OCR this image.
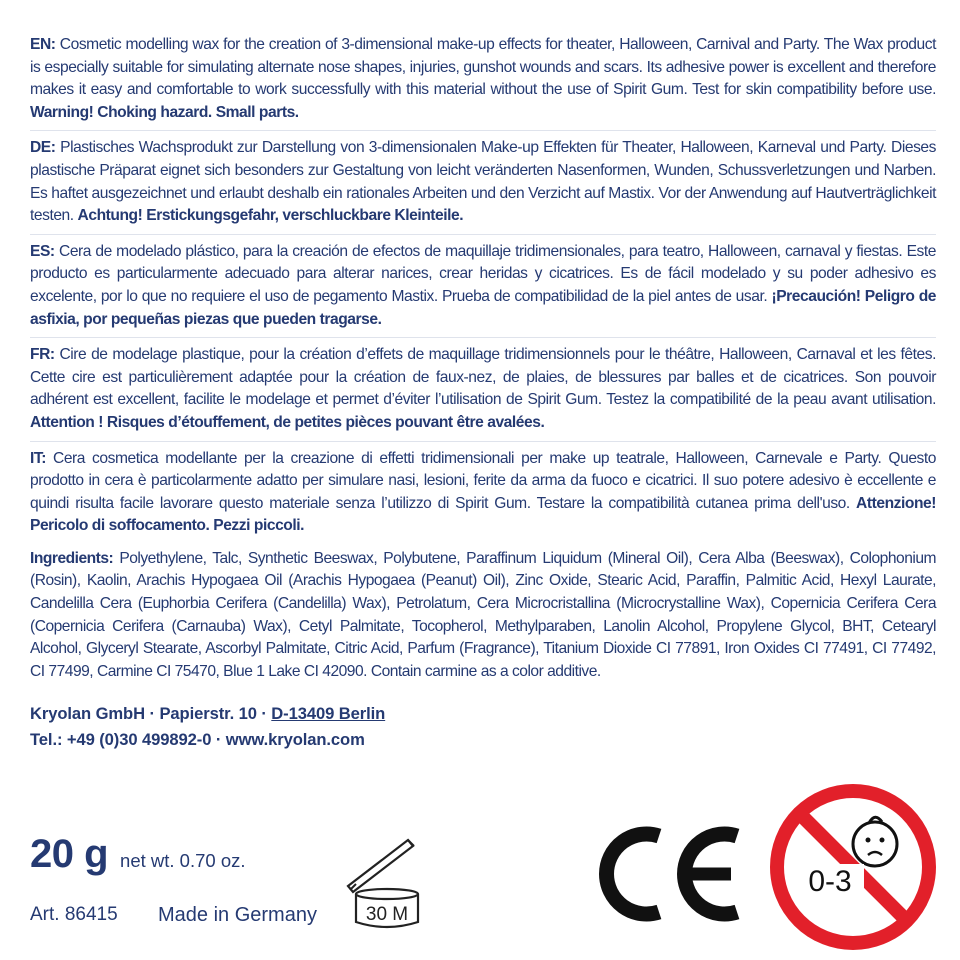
EN: Cosmetic modelling wax for the creation of 3-dimensional make-up effects for theater, Halloween, Carnival and Party. The Wax product is especially suitable for simulating alternate nose shapes, injuries, gunshot wounds and scars. Its adhesive power is excellent and therefore makes it easy and comfortable to work successfully with this material without the use of Spirit Gum. Test for skin compatibility before use. Warning! Choking hazard. Small parts.

DE: Plastisches Wachsprodukt zur Darstellung von 3-dimensionalen Make-up Effekten für Theater, Halloween, Karneval und Party. Dieses plastische Präparat eignet sich besonders zur Gestaltung von leicht veränderten Nasenformen, Wunden, Schussverletzungen und Narben. Es haftet ausgezeichnet und erlaubt deshalb ein rationales Arbeiten und den Verzicht auf Mastix. Vor der Anwendung auf Hautverträglichkeit testen. Achtung! Erstickungsgefahr, verschluckbare Kleinteile.

ES: Cera de modelado plástico, para la creación de efectos de maquillaje tridimensionales, para teatro, Halloween, carnaval y fiestas. Este producto es particularmente adecuado para alterar narices, crear heridas y cicatrices. Es de fácil modelado y su poder adhesivo es excelente, por lo que no requiere el uso de pegamento Mastix. Prueba de compatibilidad de la piel antes de usar. ¡Precaución! Peligro de asfixia, por pequeñas piezas que pueden tragarse.

FR: Cire de modelage plastique, pour la création d’effets de maquillage tridimensionnels pour le théâtre, Halloween, Carnaval et les fêtes. Cette cire est particulièrement adaptée pour la création de faux-nez, de plaies, de blessures par balles et de cicatrices. Son pouvoir adhérent est excellent, facilite le modelage et permet d’éviter l’utilisation de Spirit Gum. Testez la compatibilité de la peau avant utilisation. Attention ! Risques d’étouffement, de petites pièces pouvant être avalées.

IT: Cera cosmetica modellante per la creazione di effetti tridimensionali per make up teatrale, Halloween, Carnevale e Party. Questo prodotto in cera è particolarmente adatto per simulare nasi, lesioni, ferite da arma da fuoco e cicatrici. Il suo potere adesivo è eccellente e quindi risulta facile lavorare questo materiale senza l’utilizzo di Spirit Gum. Testare la compatibilità cutanea prima dell'uso. Attenzione! Pericolo di soffocamento. Pezzi piccoli.

Ingredients: Polyethylene, Talc, Synthetic Beeswax, Polybutene, Paraffinum Liquidum (Mineral Oil), Cera Alba (Beeswax), Colophonium (Rosin), Kaolin, Arachis Hypogaea Oil (Arachis Hypogaea (Peanut) Oil), Zinc Oxide, Stearic Acid, Paraffin, Palmitic Acid, Hexyl Laurate, Candelilla Cera (Euphorbia Cerifera (Candelilla) Wax), Petrolatum, Cera Microcristallina (Microcrystalline Wax), Copernicia Cerifera Cera (Copernicia Cerifera (Carnauba) Wax), Cetyl Palmitate, Tocopherol, Methylparaben, Lanolin Alcohol, Propylene Glycol, BHT, Cetearyl Alcohol, Glyceryl Stearate, Ascorbyl Palmitate, Citric Acid, Parfum (Fragrance), Titanium Dioxide CI 77891, Iron Oxides CI 77491, CI 77492, CI 77499, Carmine CI 75470, Blue 1 Lake CI 42090. Contain carmine as a color additive.

Kryolan GmbH · Papierstr. 10 · D-13409 Berlin
Tel.: +49 (0)30 499892-0 · www.kryolan.com
20 g net wt. 0.70 oz.
Art. 86415 Made in Germany	30 M
0-3
